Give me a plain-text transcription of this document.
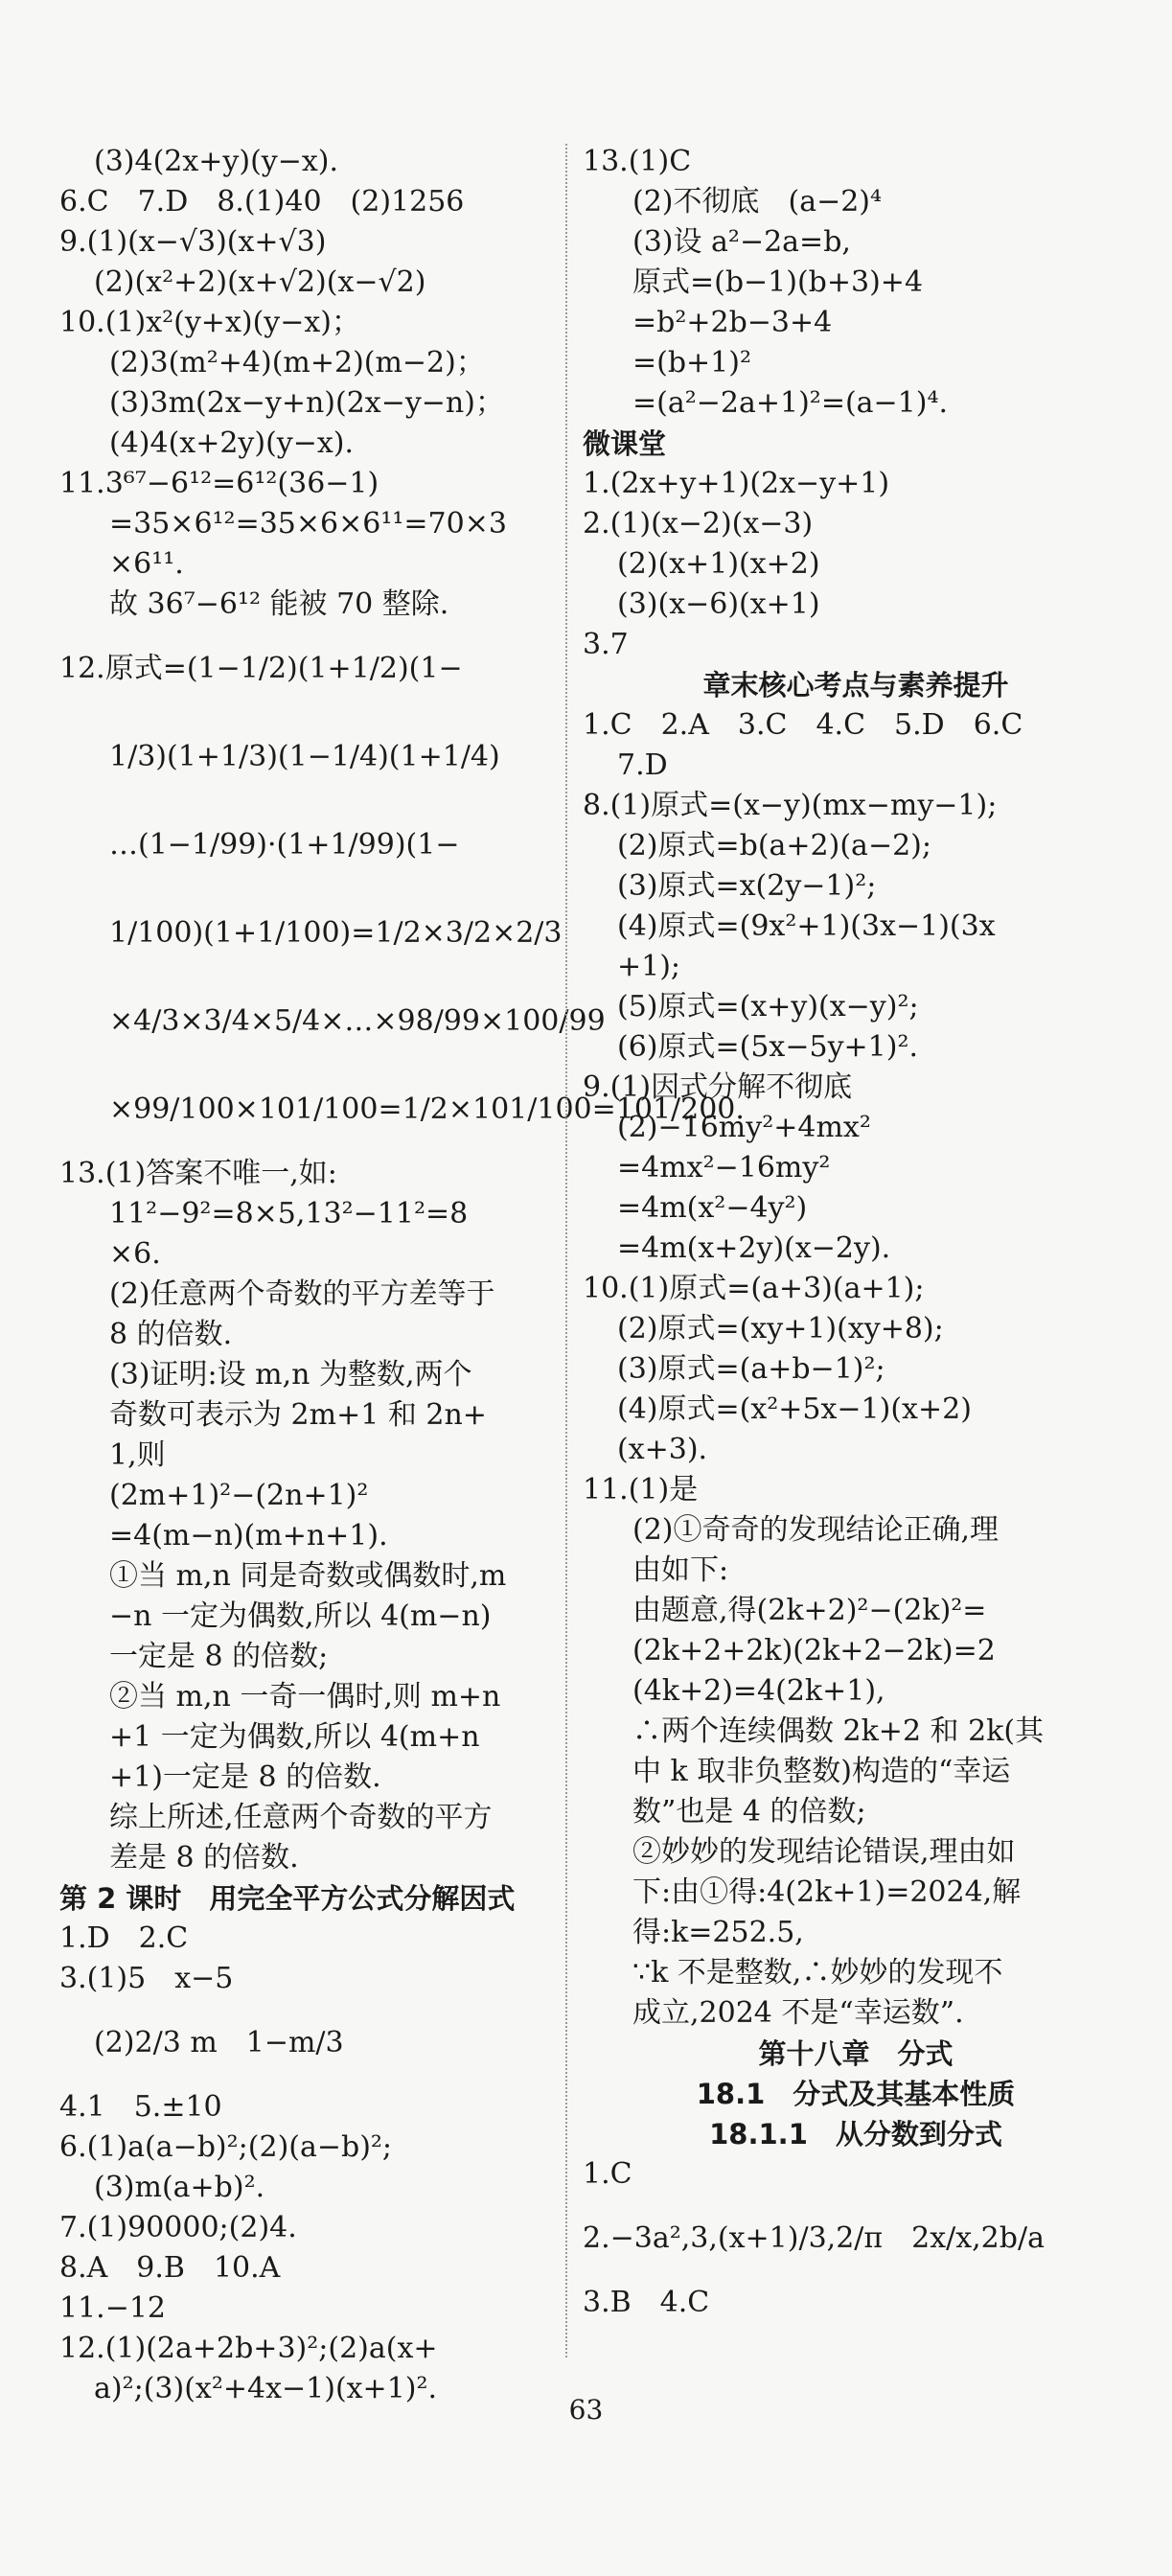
(3)4(2x+y)(y−x).
6.C　7.D　8.(1)40　(2)1256
9.(1)(x−√3)(x+√3)
(2)(x²+2)(x+√2)(x−√2)
10.(1)x²(y+x)(y−x)；
(2)3(m²+4)(m+2)(m−2)；
(3)3m(2x−y+n)(2x−y−n)；
(4)4(x+2y)(y−x).
11.3⁶⁷−6¹²=6¹²(36−1)
=35×6¹²=35×6×6¹¹=70×3
×6¹¹.
故 36⁷−6¹² 能被 70 整除.
12.原式=(1−1/2)(1+1/2)(1−
1/3)(1+1/3)(1−1/4)(1+1/4)
…(1−1/99)·(1+1/99)(1−
1/100)(1+1/100)=1/2×3/2×2/3
×4/3×3/4×5/4×…×98/99×100/99
×99/100×101/100=1/2×101/100=101/200.
13.(1)答案不唯一,如:
11²−9²=8×5,13²−11²=8
×6.
(2)任意两个奇数的平方差等于
8 的倍数.
(3)证明:设 m,n 为整数,两个
奇数可表示为 2m+1 和 2n+
1,则
(2m+1)²−(2n+1)²
=4(m−n)(m+n+1).
①当 m,n 同是奇数或偶数时,m
−n 一定为偶数,所以 4(m−n)
一定是 8 的倍数;
②当 m,n 一奇一偶时,则 m+n
+1 一定为偶数,所以 4(m+n
+1)一定是 8 的倍数.
综上所述,任意两个奇数的平方
差是 8 的倍数.
第 2 课时　用完全平方公式分解因式
1.D　2.C
3.(1)5　x−5
(2)2/3 m　1−m/3
4.1　5.±10
6.(1)a(a−b)²;(2)(a−b)²;
(3)m(a+b)².
7.(1)90000;(2)4.
8.A　9.B　10.A
11.−12
12.(1)(2a+2b+3)²;(2)a(x+
a)²;(3)(x²+4x−1)(x+1)².
13.(1)C
(2)不彻底　(a−2)⁴
(3)设 a²−2a=b,
原式=(b−1)(b+3)+4
=b²+2b−3+4
=(b+1)²
=(a²−2a+1)²=(a−1)⁴.
微课堂
1.(2x+y+1)(2x−y+1)
2.(1)(x−2)(x−3)
(2)(x+1)(x+2)
(3)(x−6)(x+1)
3.7
章末核心考点与素养提升
1.C　2.A　3.C　4.C　5.D　6.C
7.D
8.(1)原式=(x−y)(mx−my−1);
(2)原式=b(a+2)(a−2);
(3)原式=x(2y−1)²;
(4)原式=(9x²+1)(3x−1)(3x
+1);
(5)原式=(x+y)(x−y)²;
(6)原式=(5x−5y+1)².
9.(1)因式分解不彻底
(2)−16my²+4mx²
=4mx²−16my²
=4m(x²−4y²)
=4m(x+2y)(x−2y).
10.(1)原式=(a+3)(a+1);
(2)原式=(xy+1)(xy+8);
(3)原式=(a+b−1)²;
(4)原式=(x²+5x−1)(x+2)
(x+3).
11.(1)是
(2)①奇奇的发现结论正确,理
由如下:
由题意,得(2k+2)²−(2k)²=
(2k+2+2k)(2k+2−2k)=2
(4k+2)=4(2k+1),
∴两个连续偶数 2k+2 和 2k(其
中 k 取非负整数)构造的“幸运
数”也是 4 的倍数;
②妙妙的发现结论错误,理由如
下:由①得:4(2k+1)=2024,解
得:k=252.5,
∵k 不是整数,∴妙妙的发现不
成立,2024 不是“幸运数”.
第十八章　分式
18.1　分式及其基本性质
18.1.1　从分数到分式
1.C
2.−3a²,3,(x+1)/3,2/π　2x/x,2b/a
3.B　4.C
63
